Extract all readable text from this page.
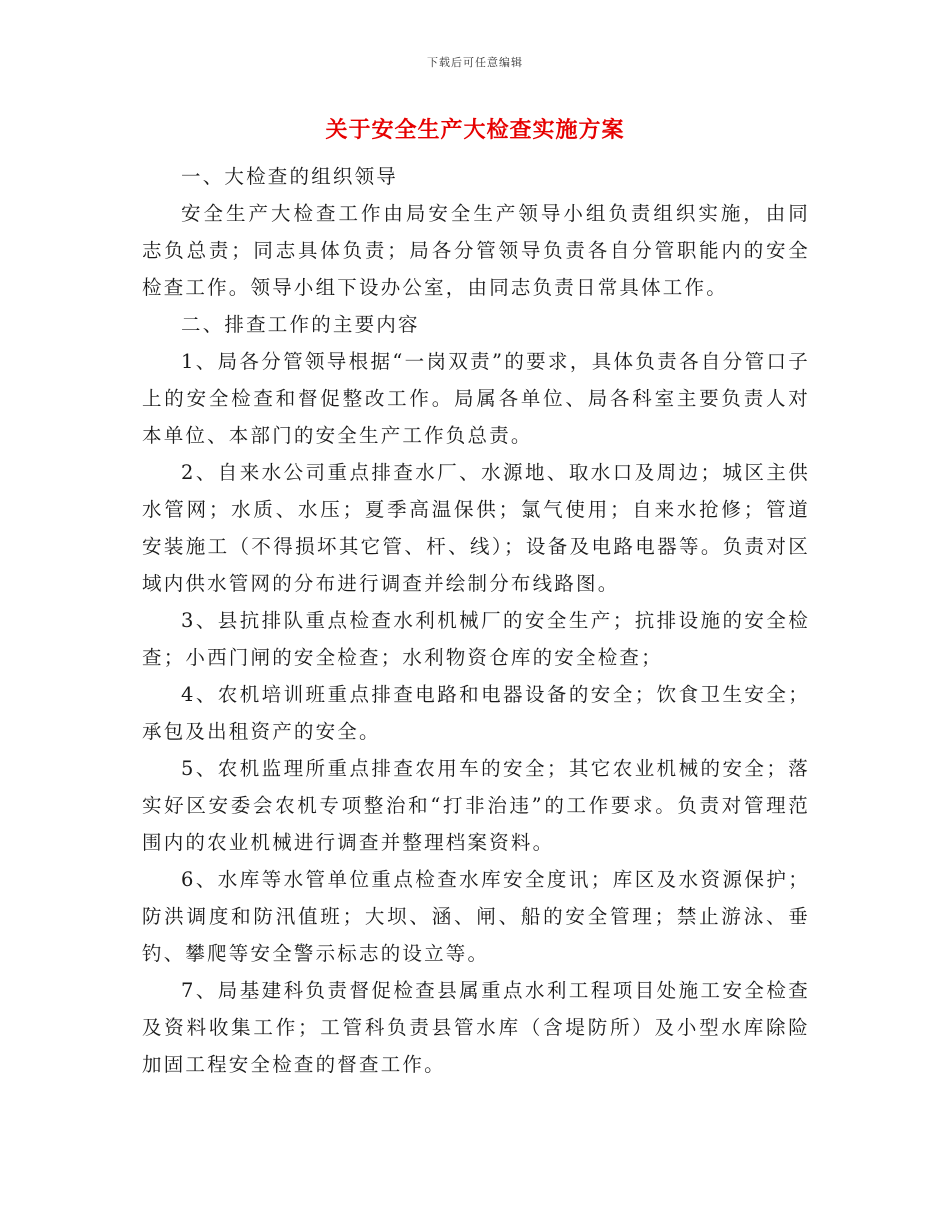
下载后可任意编辑
关于安全生产大检查实施方案

一、大检查的组织领导

安全生产大检查工作由局安全生产领导小组负责组织实施，由同志负总责；同志具体负责；局各分管领导负责各自分管职能内的安全检查工作。领导小组下设办公室，由同志负责日常具体工作。

二、排查工作的主要内容

1、局各分管领导根据“一岗双责”的要求，具体负责各自分管口子上的安全检查和督促整改工作。局属各单位、局各科室主要负责人对本单位、本部门的安全生产工作负总责。

2、自来水公司重点排查水厂、水源地、取水口及周边；城区主供水管网；水质、水压；夏季高温保供；氯气使用；自来水抢修；管道安装施工（不得损坏其它管、杆、线）；设备及电路电器等。负责对区域内供水管网的分布进行调查并绘制分布线路图。

3、县抗排队重点检查水利机械厂的安全生产；抗排设施的安全检查；小西门闸的安全检查；水利物资仓库的安全检查；

4、农机培训班重点排查电路和电器设备的安全；饮食卫生安全；承包及出租资产的安全。

5、农机监理所重点排查农用车的安全；其它农业机械的安全；落实好区安委会农机专项整治和“打非治违”的工作要求。负责对管理范围内的农业机械进行调查并整理档案资料。

6、水库等水管单位重点检查水库安全度讯；库区及水资源保护；防洪调度和防汛值班；大坝、涵、闸、船的安全管理；禁止游泳、垂钓、攀爬等安全警示标志的设立等。

7、局基建科负责督促检查县属重点水利工程项目处施工安全检查及资料收集工作；工管科负责县管水库（含堤防所）及小型水库除险加固工程安全检查的督查工作。
